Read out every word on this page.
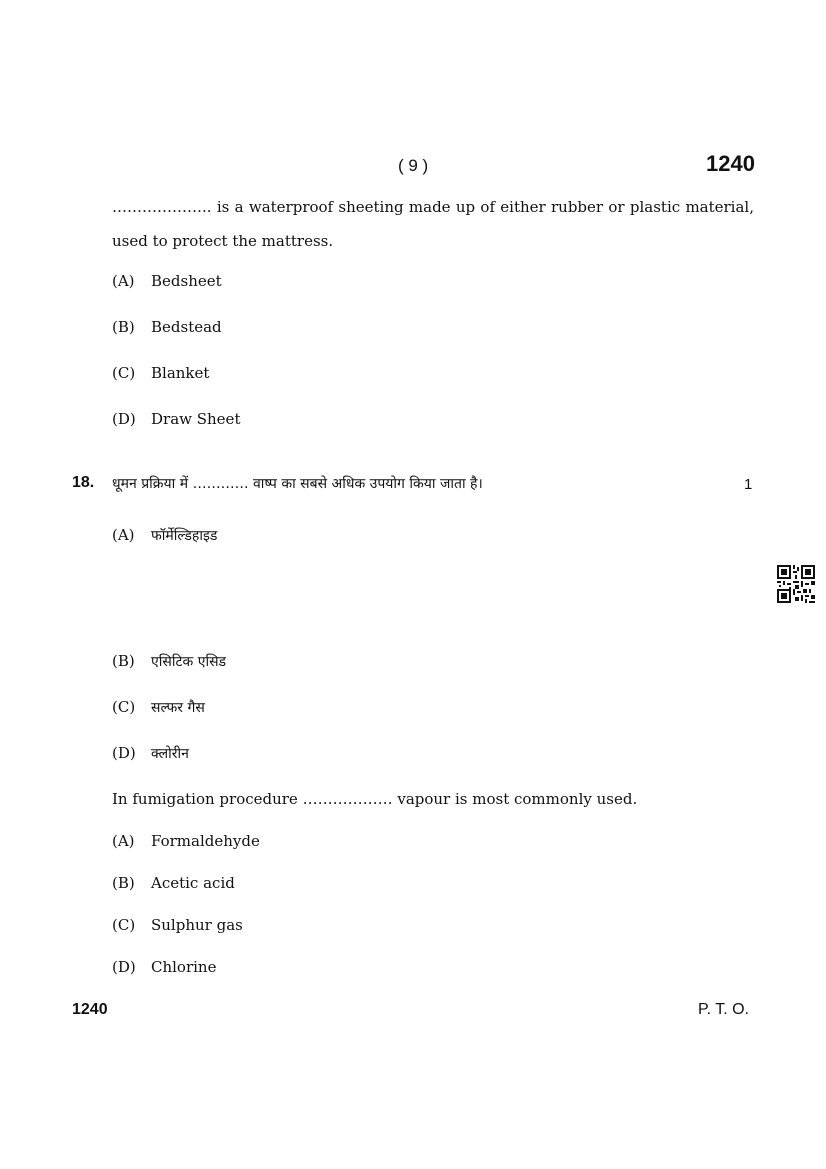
( 9 )	1240
……………….. is a waterproof sheeting made up of either rubber or plastic material, used to protect the mattress.
(A) Bedsheet
(B) Bedstead
(C) Blanket
(D) Draw Sheet
18. धूमन प्रक्रिया में ………… वाष्प का सबसे अधिक उपयोग किया जाता है।	1
(A) फॉर्मेल्डिहाइड
(B) एसिटिक एसिड
(C) सल्फर गैस
(D) क्लोरीन
In fumigation procedure ……………… vapour is most commonly used.
(A) Formaldehyde
(B) Acetic acid
(C) Sulphur gas
(D) Chlorine
1240	P. T. O.
